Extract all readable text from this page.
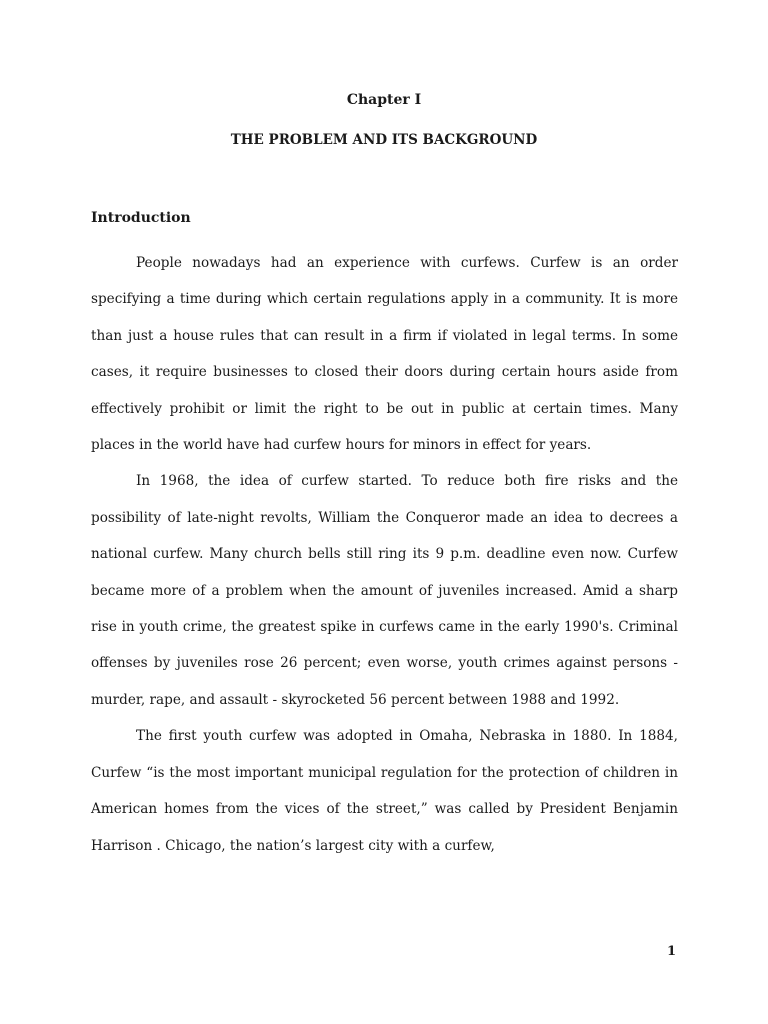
Chapter I
THE PROBLEM AND ITS BACKGROUND
Introduction

People nowadays had an experience with curfews. Curfew is an order specifying a time during which certain regulations apply in a community. It is more than just a house rules that can result in a firm if violated in legal terms. In some cases, it require businesses to closed their doors during certain hours aside from effectively prohibit or limit the right to be out in public at certain times. Many places in the world have had curfew hours for minors in effect for years.

In 1968, the idea of curfew started. To reduce both fire risks and the possibility of late-night revolts, William the Conqueror made an idea to decrees a national curfew. Many church bells still ring its 9 p.m. deadline even now. Curfew became more of a problem when the amount of juveniles increased. Amid a sharp rise in youth crime, the greatest spike in curfews came in the early 1990's. Criminal offenses by juveniles rose 26 percent; even worse, youth crimes against persons - murder, rape, and assault - skyrocketed 56 percent between 1988 and 1992.

The first youth curfew was adopted in Omaha, Nebraska in 1880. In 1884, Curfew “is the most important municipal regulation for the protection of children in American homes from the vices of the street,” was called by President Benjamin Harrison . Chicago, the nation’s largest city with a curfew,

1
